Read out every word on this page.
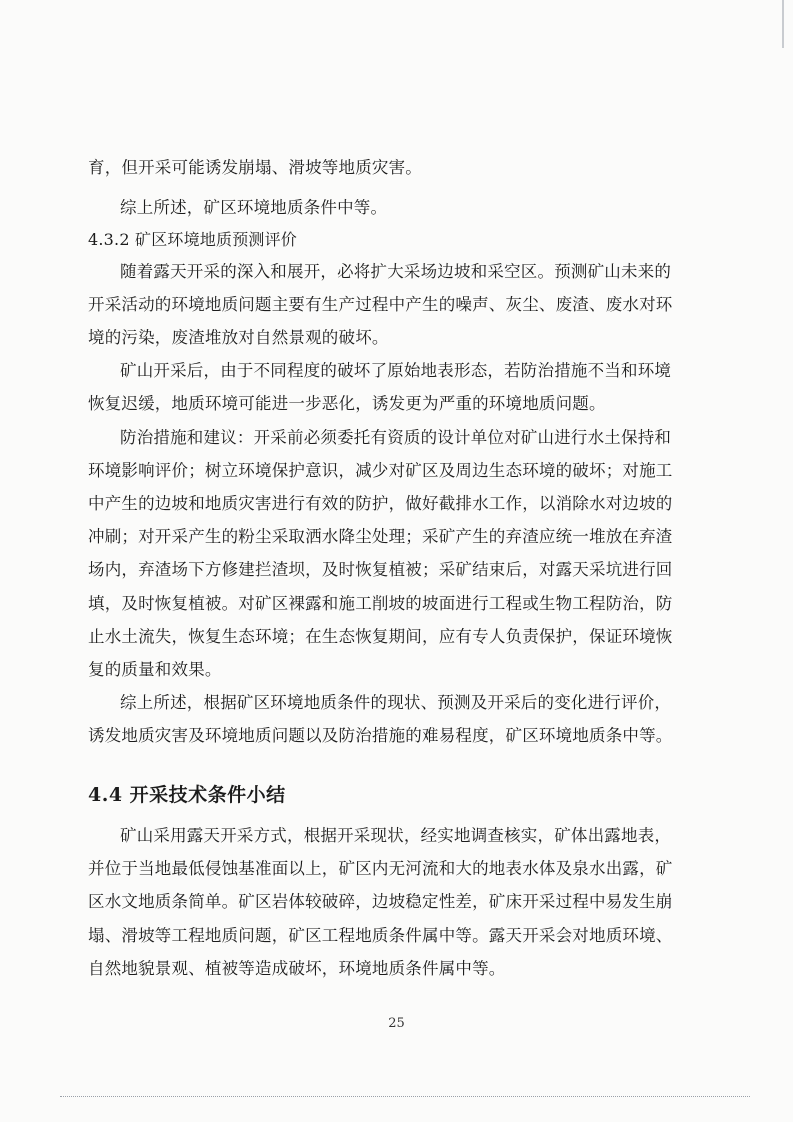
育，但开采可能诱发崩塌、滑坡等地质灾害。
综上所述，矿区环境地质条件中等。
4.3.2 矿区环境地质预测评价
随着露天开采的深入和展开，必将扩大采场边坡和采空区。预测矿山未来的
开采活动的环境地质问题主要有生产过程中产生的噪声、灰尘、废渣、废水对环
境的污染，废渣堆放对自然景观的破坏。
矿山开采后，由于不同程度的破坏了原始地表形态，若防治措施不当和环境
恢复迟缓，地质环境可能进一步恶化，诱发更为严重的环境地质问题。
防治措施和建议：开采前必须委托有资质的设计单位对矿山进行水土保持和
环境影响评价；树立环境保护意识，减少对矿区及周边生态环境的破坏；对施工
中产生的边坡和地质灾害进行有效的防护，做好截排水工作，以消除水对边坡的
冲刷；对开采产生的粉尘采取洒水降尘处理；采矿产生的弃渣应统一堆放在弃渣
场内，弃渣场下方修建拦渣坝，及时恢复植被；采矿结束后，对露天采坑进行回
填，及时恢复植被。对矿区裸露和施工削坡的坡面进行工程或生物工程防治，防
止水土流失，恢复生态环境；在生态恢复期间，应有专人负责保护，保证环境恢
复的质量和效果。
综上所述，根据矿区环境地质条件的现状、预测及开采后的变化进行评价，
诱发地质灾害及环境地质问题以及防治措施的难易程度，矿区环境地质条中等。
4.4 开采技术条件小结
矿山采用露天开采方式，根据开采现状，经实地调查核实，矿体出露地表，
并位于当地最低侵蚀基准面以上，矿区内无河流和大的地表水体及泉水出露，矿
区水文地质条简单。矿区岩体较破碎，边坡稳定性差，矿床开采过程中易发生崩
塌、滑坡等工程地质问题，矿区工程地质条件属中等。露天开采会对地质环境、
自然地貌景观、植被等造成破坏，环境地质条件属中等。
25
